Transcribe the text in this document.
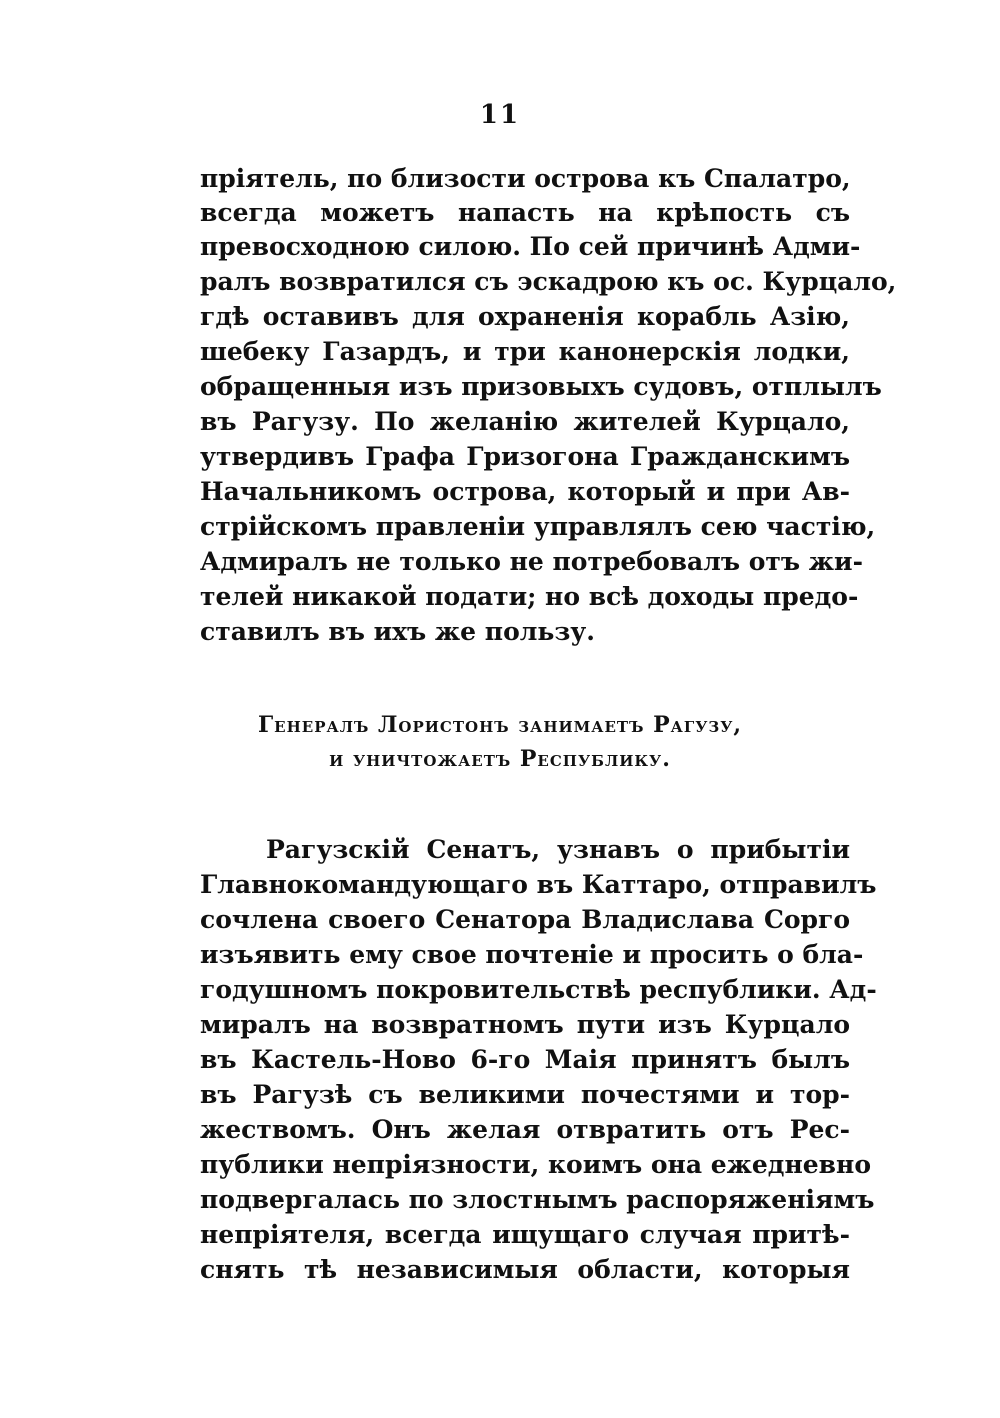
11
пріятель, по близости острова къ Спалатро,
всегда можетъ напасть на крѣпость съ
превосходною силою. По сей причинѣ Адми-
ралъ возвратился съ эскадрою къ ос. Курцало,
гдѣ оставивъ для охраненія корабль Азію,
шебеку Газардъ, и три канонерскія лодки,
обращенныя изъ призовыхъ судовъ, отплылъ
въ Рагузу. По желанію жителей Курцало,
утвердивъ Графа Гризогона Гражданскимъ
Начальникомъ острова, который и при Ав-
стрійскомъ правленіи управлялъ сею частію,
Адмиралъ не только не потребовалъ отъ жи-
телей никакой подати; но всѣ доходы предо-
ставилъ въ ихъ же пользу.
Генералъ Лористонъ занимаетъ Рагузу,
и уничтожаетъ Республику.
Рагузскій Сенатъ, узнавъ о прибытіи
Главнокомандующаго въ Каттаро, отправилъ
сочлена своего Сенатора Владислава Сорго
изъявить ему свое почтеніе и просить о бла-
годушномъ покровительствѣ республики. Ад-
миралъ на возвратномъ пути изъ Курцало
въ Кастель-Ново 6-го Маія принятъ былъ
въ Рагузѣ съ великими почестями и тор-
жествомъ. Онъ желая отвратить отъ Рес-
публики непріязности, коимъ она ежедневно
подвергалась по злостнымъ распоряженіямъ
непріятеля, всегда ищущаго случая притѣ-
снять тѣ независимыя области, которыя
